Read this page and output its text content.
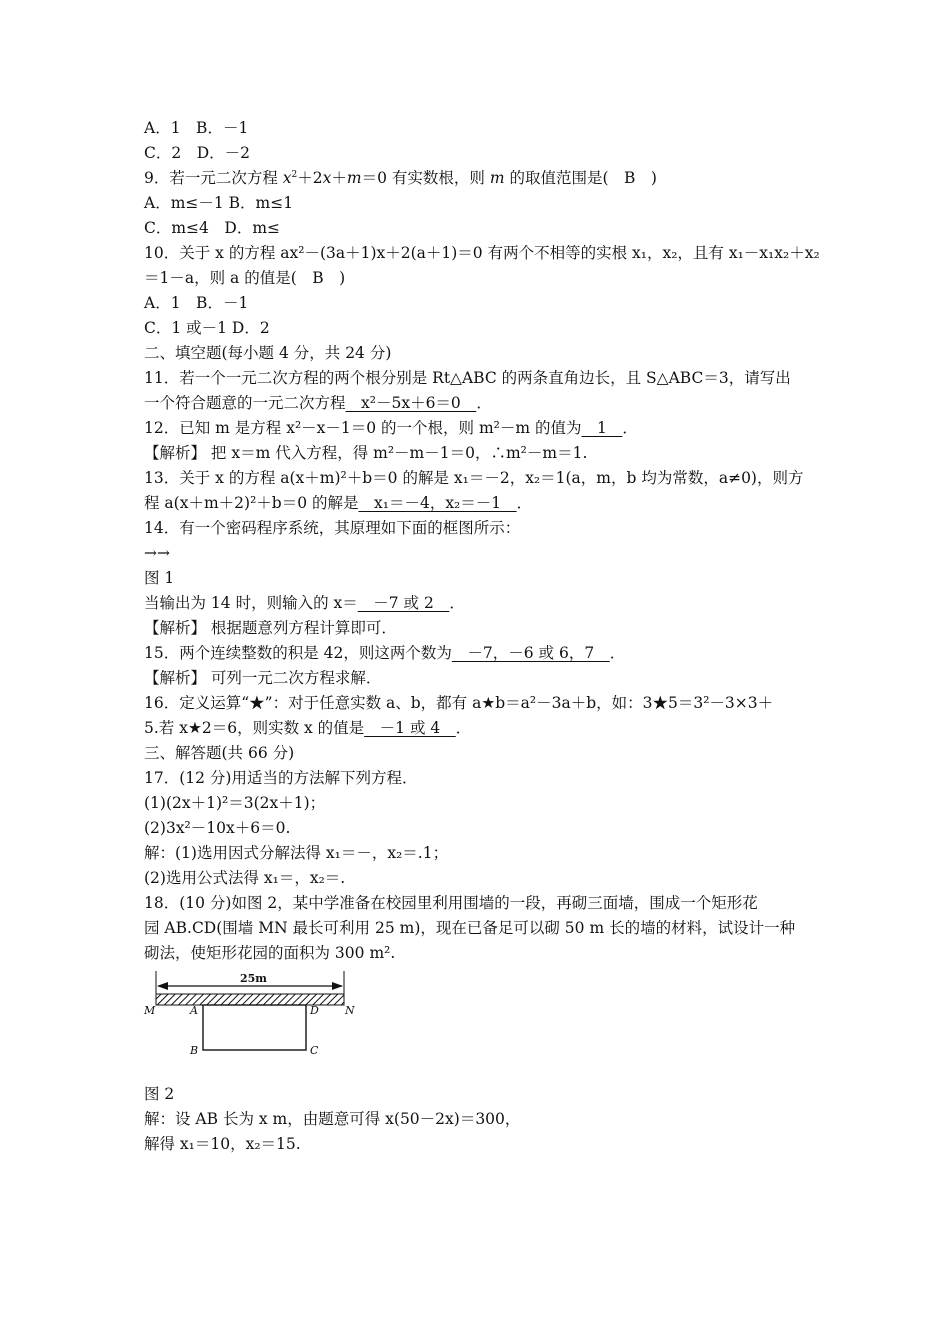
A．1　B．－1
C．2　D．－2
9．若一元二次方程 $x^2+2x+m=0$ 有实数根，则 m 的取值范围是(　B　)
A．m≤－1 B．m≤1
C．m≤4　D．m≤
10．关于 x 的方程 ax²－(3a＋1)x＋2(a＋1)＝0 有两个不相等的实根 x₁，x₂，且有 x₁－x₁x₂＋x₂
＝1－a，则 a 的值是(　B　)
A．1　B．－1
C．1 或－1 D．2
二、填空题(每小题 4 分，共 24 分)
11．若一个一元二次方程的两个根分别是 Rt△ABC 的两条直角边长，且 S△ABC＝3，请写出
一个符合题意的一元二次方程　x²－5x＋6＝0　．
12．已知 m 是方程 x²－x－1＝0 的一个根，则 m²－m 的值为　1　．
【解析】 把 x＝m 代入方程，得 m²－m－1＝0，∴m²－m＝1.
13．关于 x 的方程 a(x＋m)²＋b＝0 的解是 x₁＝－2，x₂＝1(a，m，b 均为常数，a≠0)，则方
程 a(x＋m＋2)²＋b＝0 的解是　x₁＝－4，x₂＝－1　．
14．有一个密码程序系统，其原理如下面的框图所示：
→→
图 1
当输出为 14 时，则输入的 x＝　－7 或 2　．
【解析】 根据题意列方程计算即可．
15．两个连续整数的积是 42，则这两个数为　－7，－6 或 6，7　．
【解析】 可列一元二次方程求解．
16．定义运算“★”：对于任意实数 a、b，都有 a★b＝a²－3a＋b，如：3★5＝3²－3×3＋
5.若 x★2＝6，则实数 x 的值是　－1 或 4　．
三、解答题(共 66 分)
17．(12 分)用适当的方法解下列方程．
(1)(2x＋1)²＝3(2x＋1)；
(2)3x²－10x＋6＝0.
解：(1)选用因式分解法得 x₁＝－，x₂＝.1；
(2)选用公式法得 x₁＝，x₂＝.
18．(10 分)如图 2，某中学准备在校园里利用围墙的一段，再砌三面墙，围成一个矩形花
园 AB.CD(围墙 MN 最长可利用 25 m)，现在已备足可以砌 50 m 长的墙的材料，试设计一种
砌法，使矩形花园的面积为 300 m².
25m
M	A	D N
B	C
图 2
解：设 AB 长为 x m，由题意可得 x(50－2x)＝300，
解得 x₁＝10，x₂＝15.
